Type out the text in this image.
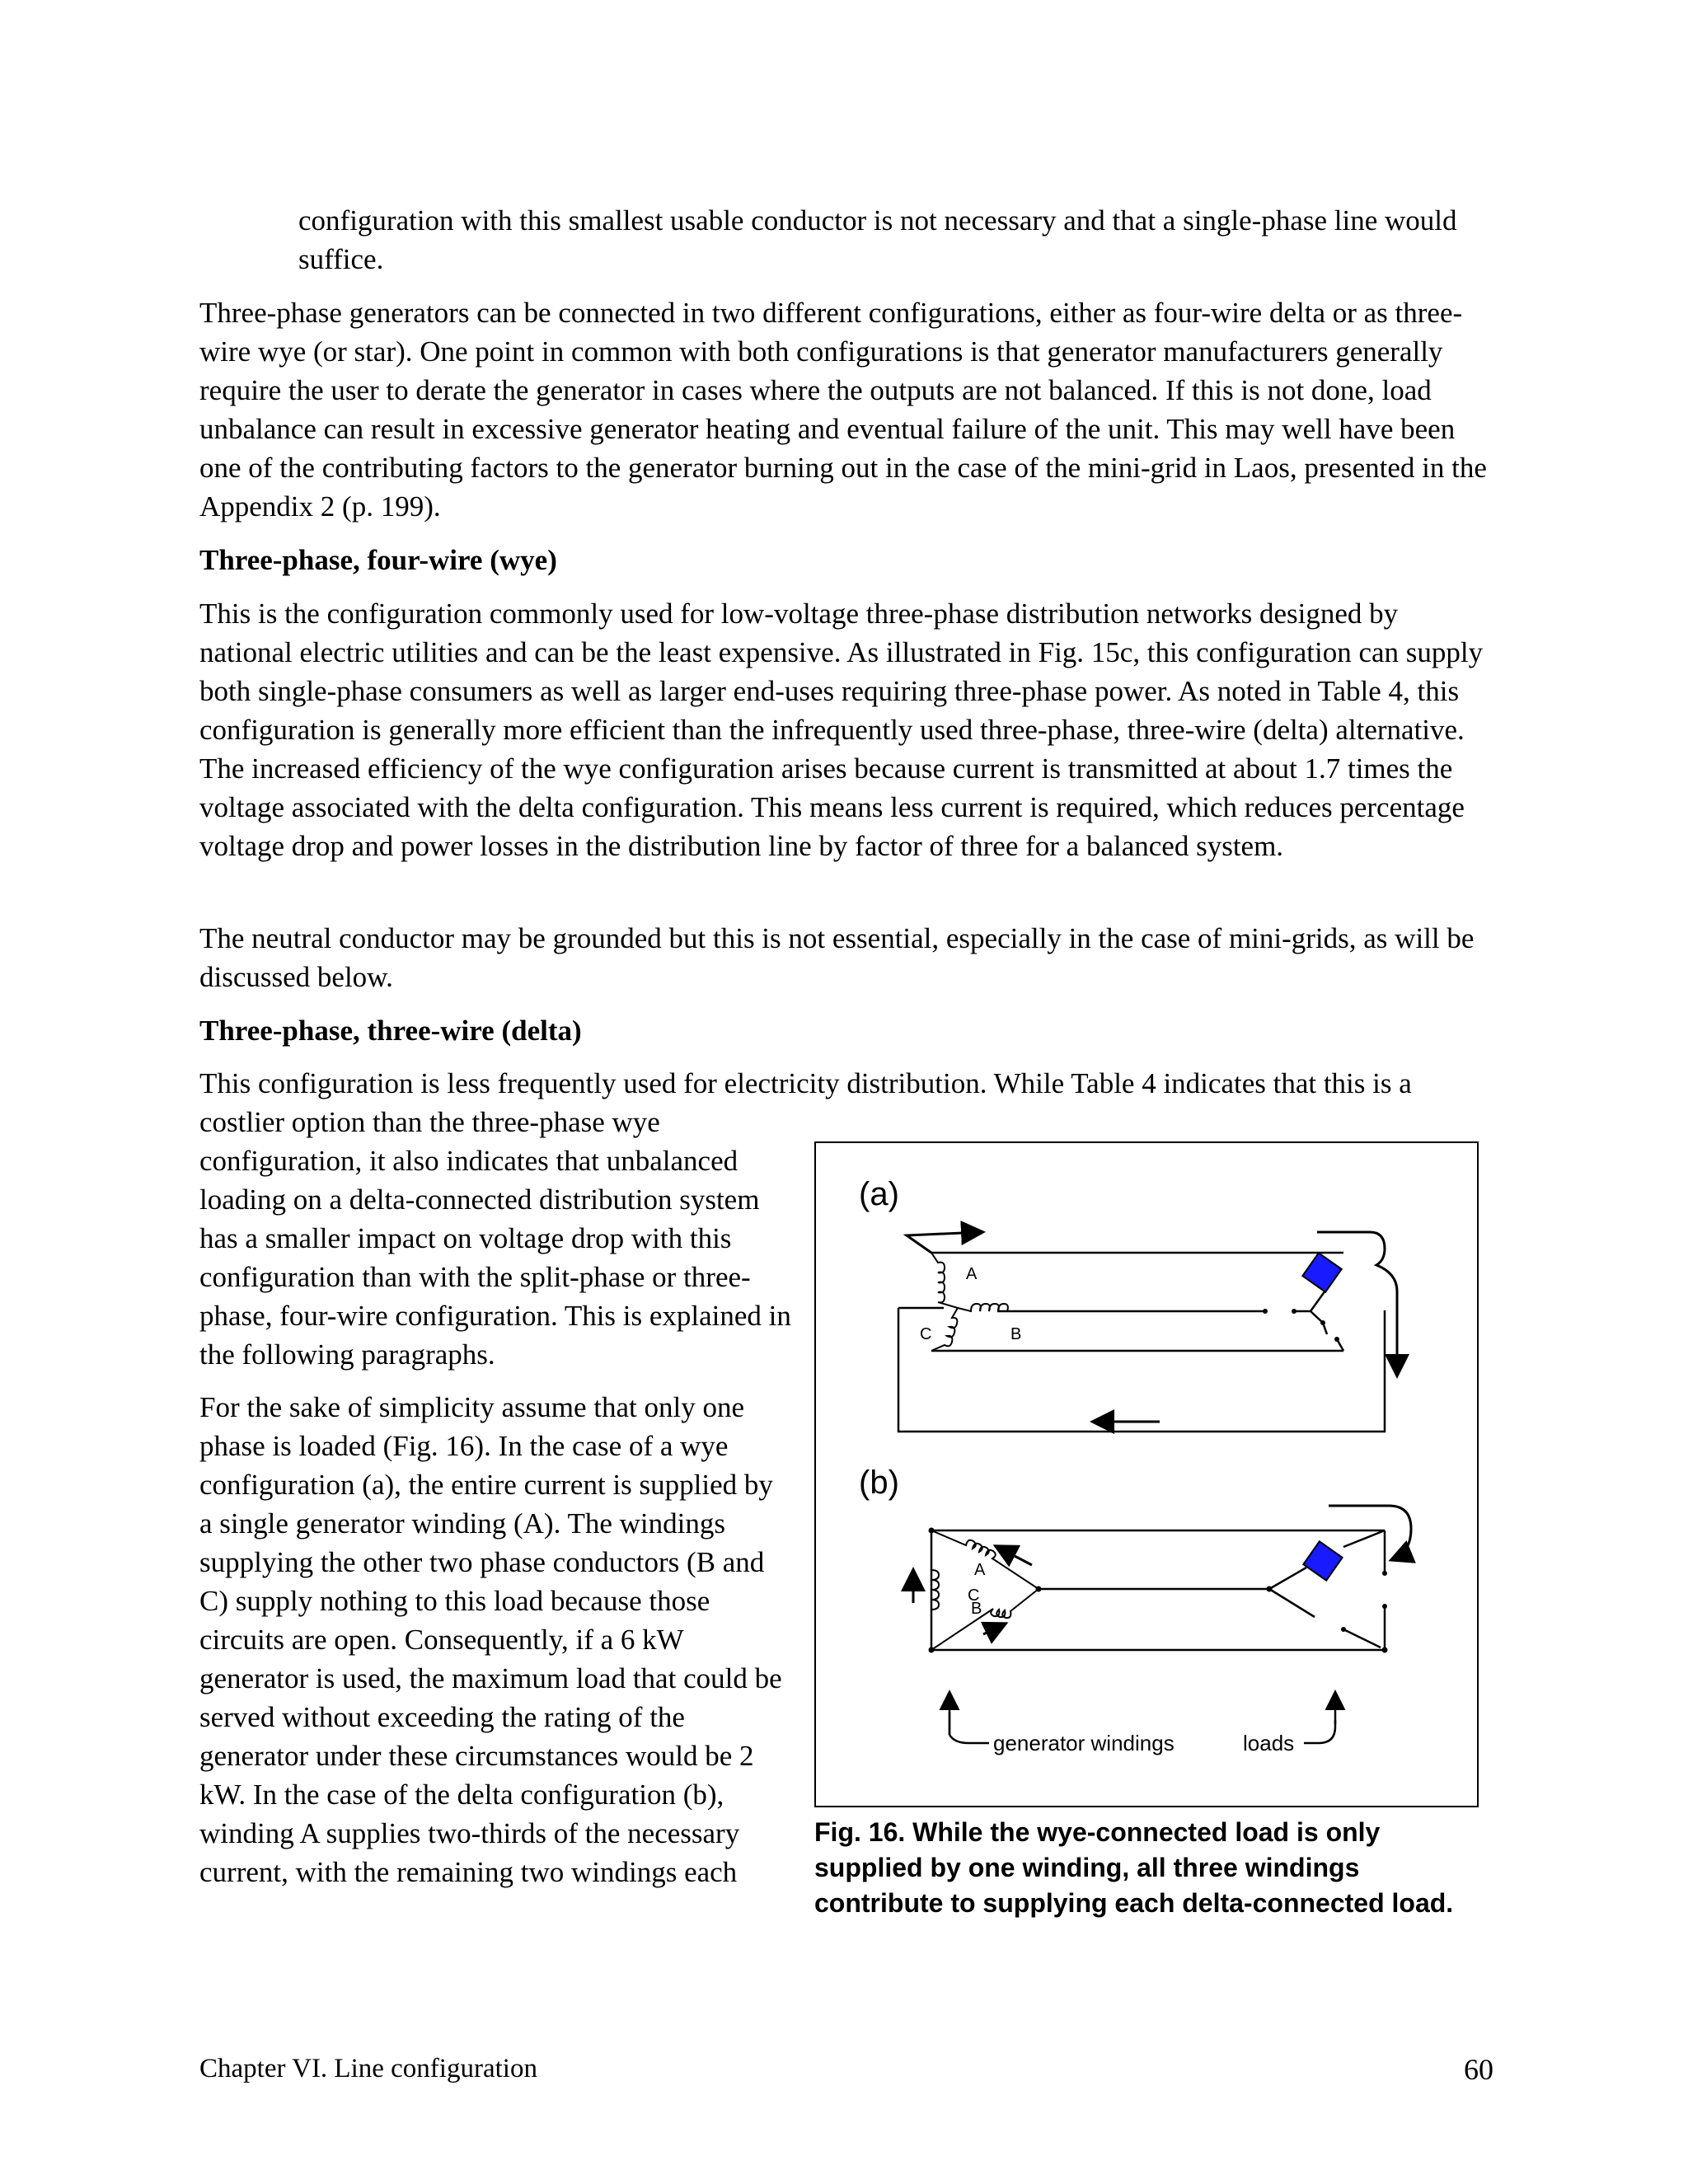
configuration with this smallest usable conductor is not necessary and that a single-phase line would suffice.

Three-phase generators can be connected in two different configurations, either as four-wire delta or as three-wire wye (or star). One point in common with both configurations is that generator manufacturers generally require the user to derate the generator in cases where the outputs are not balanced. If this is not done, load unbalance can result in excessive generator heating and eventual failure of the unit. This may well have been one of the contributing factors to the generator burning out in the case of the mini-grid in Laos, presented in the Appendix 2 (p. 199).

Three-phase, four-wire (wye)

This is the configuration commonly used for low-voltage three-phase distribution networks designed by national electric utilities and can be the least expensive. As illustrated in Fig. 15c, this configuration can supply both single-phase consumers as well as larger end-uses requiring three-phase power. As noted in Table 4, this configuration is generally more efficient than the infrequently used three-phase, three-wire (delta) alternative. The increased efficiency of the wye configuration arises because current is transmitted at about 1.7 times the voltage associated with the delta configuration. This means less current is required, which reduces percentage voltage drop and power losses in the distribution line by factor of three for a balanced system.

The neutral conductor may be grounded but this is not essential, especially in the case of mini-grids, as will be discussed below.

Three-phase, three-wire (delta)

This configuration is less frequently used for electricity distribution. While Table 4 indicates that this is a

costlier option than the three-phase wye configuration, it also indicates that unbalanced loading on a delta-connected distribution system has a smaller impact on voltage drop with this configuration than with the split-phase or three-phase, four-wire configuration. This is explained in the following paragraphs.

For the sake of simplicity assume that only one phase is loaded (Fig. 16). In the case of a wye configuration (a), the entire current is supplied by a single generator winding (A). The windings supplying the other two phase conductors (B and C) supply nothing to this load because those circuits are open. Consequently, if a 6 kW generator is used, the maximum load that could be served without exceeding the rating of the generator under these circumstances would be 2 kW. In the case of the delta configuration (b), winding A supplies two-thirds of the necessary current, with the remaining two windings each

(a)
A
B
C
(b)
A
C
B
generator windings	loads

Fig. 16. While the wye-connected load is only supplied by one winding, all three windings contribute to supplying each delta-connected load.

Chapter VI. Line configuration	60
